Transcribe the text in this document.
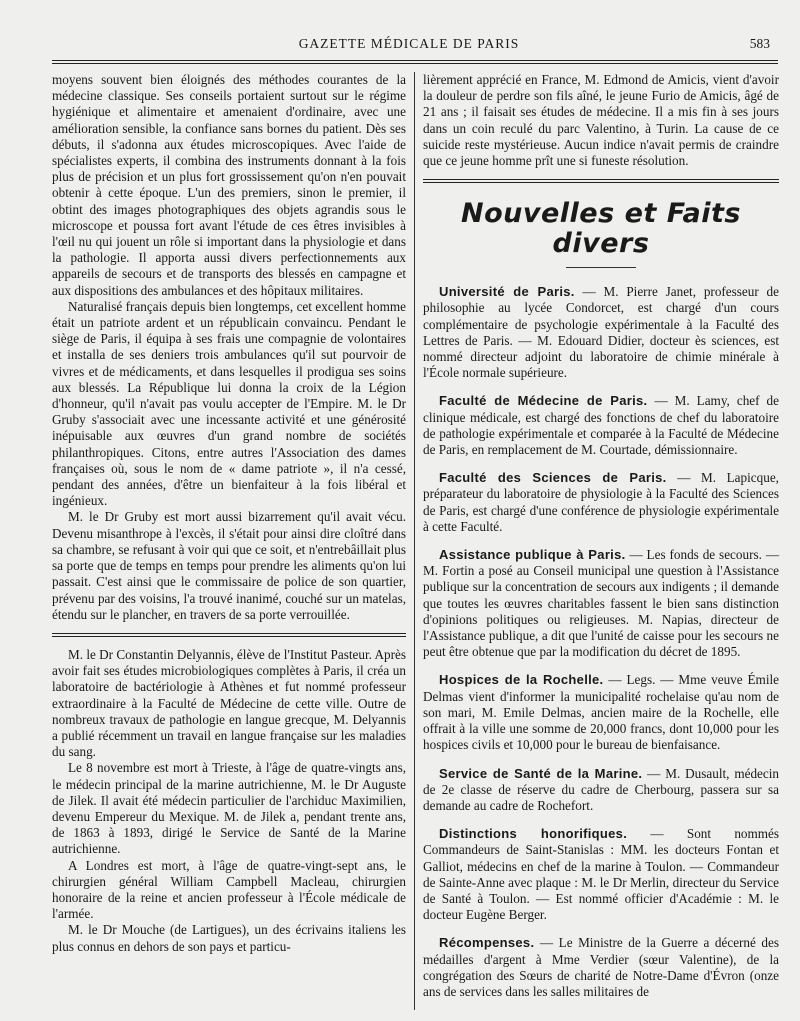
GAZETTE MÉDICALE DE PARIS	583

moyens souvent bien éloignés des méthodes courantes de la médecine classique. Ses conseils portaient surtout sur le régime hygiénique et alimentaire et amenaient d'ordinaire, avec une amélioration sensible, la confiance sans bornes du patient. Dès ses débuts, il s'adonna aux études microscopiques. Avec l'aide de spécialistes experts, il combina des instruments donnant à la fois plus de précision et un plus fort grossissement qu'on n'en pouvait obtenir à cette époque. L'un des premiers, sinon le premier, il obtint des images photographiques des objets agrandis sous le microscope et poussa fort avant l'étude de ces êtres invisibles à l'œil nu qui jouent un rôle si important dans la physiologie et dans la pathologie. Il apporta aussi divers perfectionnements aux appareils de secours et de transports des blessés en campagne et aux dispositions des ambulances et des hôpitaux militaires.

Naturalisé français depuis bien longtemps, cet excellent homme était un patriote ardent et un républicain convaincu. Pendant le siège de Paris, il équipa à ses frais une compagnie de volontaires et installa de ses deniers trois ambulances qu'il sut pourvoir de vivres et de médicaments, et dans lesquelles il prodigua ses soins aux blessés. La République lui donna la croix de la Légion d'honneur, qu'il n'avait pas voulu accepter de l'Empire. M. le Dr Gruby s'associait avec une incessante activité et une générosité inépuisable aux œuvres d'un grand nombre de sociétés philanthropiques. Citons, entre autres l'Association des dames françaises où, sous le nom de « dame patriote », il n'a cessé, pendant des années, d'être un bienfaiteur à la fois libéral et ingénieux.

M. le Dr Gruby est mort aussi bizarrement qu'il avait vécu. Devenu misanthrope à l'excès, il s'était pour ainsi dire cloîtré dans sa chambre, se refusant à voir qui que ce soit, et n'entrebâillait plus sa porte que de temps en temps pour prendre les aliments qu'on lui passait. C'est ainsi que le commissaire de police de son quartier, prévenu par des voisins, l'a trouvé inanimé, couché sur un matelas, étendu sur le plancher, en travers de sa porte verrouillée.

M. le Dr Constantin Delyannis, élève de l'Institut Pasteur. Après avoir fait ses études microbiologiques complètes à Paris, il créa un laboratoire de bactériologie à Athènes et fut nommé professeur extraordinaire à la Faculté de Médecine de cette ville. Outre de nombreux travaux de pathologie en langue grecque, M. Delyannis a publié récemment un travail en langue française sur les maladies du sang.

Le 8 novembre est mort à Trieste, à l'âge de quatre-vingts ans, le médecin principal de la marine autrichienne, M. le Dr Auguste de Jilek. Il avait été médecin particulier de l'archiduc Maximilien, devenu Empereur du Mexique. M. de Jilek a, pendant trente ans, de 1863 à 1893, dirigé le Service de Santé de la Marine autrichienne.

A Londres est mort, à l'âge de quatre-vingt-sept ans, le chirurgien général William Campbell Macleau, chirurgien honoraire de la reine et ancien professeur à l'École médicale de l'armée.

M. le Dr Mouche (de Lartigues), un des écrivains italiens les plus connus en dehors de son pays et particu-

lièrement apprécié en France, M. Edmond de Amicis, vient d'avoir la douleur de perdre son fils aîné, le jeune Furio de Amicis, âgé de 21 ans ; il faisait ses études de médecine. Il a mis fin à ses jours dans un coin reculé du parc Valentino, à Turin. La cause de ce suicide reste mystérieuse. Aucun indice n'avait permis de craindre que ce jeune homme prît une si funeste résolution.

Nouvelles et Faits divers

Université de Paris. — M. Pierre Janet, professeur de philosophie au lycée Condorcet, est chargé d'un cours complémentaire de psychologie expérimentale à la Faculté des Lettres de Paris. — M. Edouard Didier, docteur ès sciences, est nommé directeur adjoint du laboratoire de chimie minérale à l'École normale supérieure.

Faculté de Médecine de Paris. — M. Lamy, chef de clinique médicale, est chargé des fonctions de chef du laboratoire de pathologie expérimentale et comparée à la Faculté de Médecine de Paris, en remplacement de M. Courtade, démissionnaire.

Faculté des Sciences de Paris. — M. Lapicque, préparateur du laboratoire de physiologie à la Faculté des Sciences de Paris, est chargé d'une conférence de physiologie expérimentale à cette Faculté.

Assistance publique à Paris. — Les fonds de secours. — M. Fortin a posé au Conseil municipal une question à l'Assistance publique sur la concentration de secours aux indigents ; il demande que toutes les œuvres charitables fassent le bien sans distinction d'opinions politiques ou religieuses. M. Napias, directeur de l'Assistance publique, a dit que l'unité de caisse pour les secours ne peut être obtenue que par la modification du décret de 1895.

Hospices de la Rochelle. — Legs. — Mme veuve Émile Delmas vient d'informer la municipalité rochelaise qu'au nom de son mari, M. Emile Delmas, ancien maire de la Rochelle, elle offrait à la ville une somme de 20,000 francs, dont 10,000 pour les hospices civils et 10,000 pour le bureau de bienfaisance.

Service de Santé de la Marine. — M. Dusault, médecin de 2e classe de réserve du cadre de Cherbourg, passera sur sa demande au cadre de Rochefort.

Distinctions honorifiques. — Sont nommés Commandeurs de Saint-Stanislas : MM. les docteurs Fontan et Galliot, médecins en chef de la marine à Toulon. — Commandeur de Sainte-Anne avec plaque : M. le Dr Merlin, directeur du Service de Santé à Toulon. — Est nommé officier d'Académie : M. le docteur Eugène Berger.

Récompenses. — Le Ministre de la Guerre a décerné des médailles d'argent à Mme Verdier (sœur Valentine), de la congrégation des Sœurs de charité de Notre-Dame d'Évron (onze ans de services dans les salles militaires de
